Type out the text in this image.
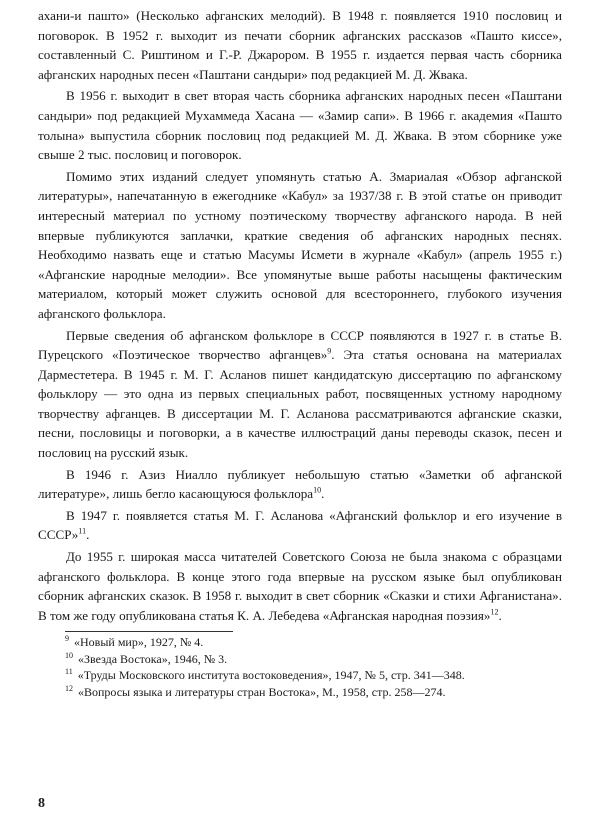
ахани-и пашто» (Несколько афганских мелодий). В 1948 г. появляется 1910 пословиц и поговорок. В 1952 г. выходит из печати сборник афганских рассказов «Пашто киссе», составленный С. Риштином и Г.-Р. Джарором. В 1955 г. издается первая часть сборника афганских народных песен «Паштани сандыри» под редакцией М. Д. Жвака.

В 1956 г. выходит в свет вторая часть сборника афганских народных песен «Паштани сандыри» под редакцией Мухаммеда Хасана — «Замир сапи». В 1966 г. академия «Пашто толына» выпустила сборник пословиц под редакцией М. Д. Жвака. В этом сборнике уже свыше 2 тыс. пословиц и поговорок.

Помимо этих изданий следует упомянуть статью А. Змариалая «Обзор афганской литературы», напечатанную в ежегоднике «Кабул» за 1937/38 г. В этой статье он приводит интересный материал по устному поэтическому творчеству афганского народа. В ней впервые публикуются заплачки, краткие сведения об афганских народных песнях. Необходимо назвать еще и статью Масумы Исмети в журнале «Кабул» (апрель 1955 г.) «Афганские народные мелодии». Все упомянутые выше работы насыщены фактическим материалом, который может служить основой для всестороннего, глубокого изучения афганского фольклора.

Первые сведения об афганском фольклоре в СССР появляются в 1927 г. в статье В. Пурецского «Поэтическое творчество афганцев»$^9$. Эта статья основана на материалах Дарместетера. В 1945 г. М. Г. Асланов пишет кандидатскую диссертацию по афганскому фольклору — это одна из первых специальных работ, посвященных устному народному творчеству афганцев. В диссертации М. Г. Асланова рассматриваются афганские сказки, песни, пословицы и поговорки, а в качестве иллюстраций даны переводы сказок, песен и пословиц на русский язык.

В 1946 г. Азиз Ниалло публикует небольшую статью «Заметки об афганской литературе», лишь бегло касающуюся фольклора$^{10}$.

В 1947 г. появляется статья М. Г. Асланова «Афганский фольклор и его изучение в СССР»$^{11}$.

До 1955 г. широкая масса читателей Советского Союза не была знакома с образцами афганского фольклора. В конце этого года впервые на русском языке был опубликован сборник афганских сказок. В 1958 г. выходит в свет сборник «Сказки и стихи Афганистана». В том же году опубликована статья К. А. Лебедева «Афганская народная поэзия»$^{12}$.

$^9$ «Новый мир», 1927, № 4.

$^{10}$ «Звезда Востока», 1946, № 3.

$^{11}$ «Труды Московского института востоковедения», 1947, № 5, стр. 341—348.

$^{12}$ «Вопросы языка и литературы стран Востока», М., 1958, стр. 258—274.

8
